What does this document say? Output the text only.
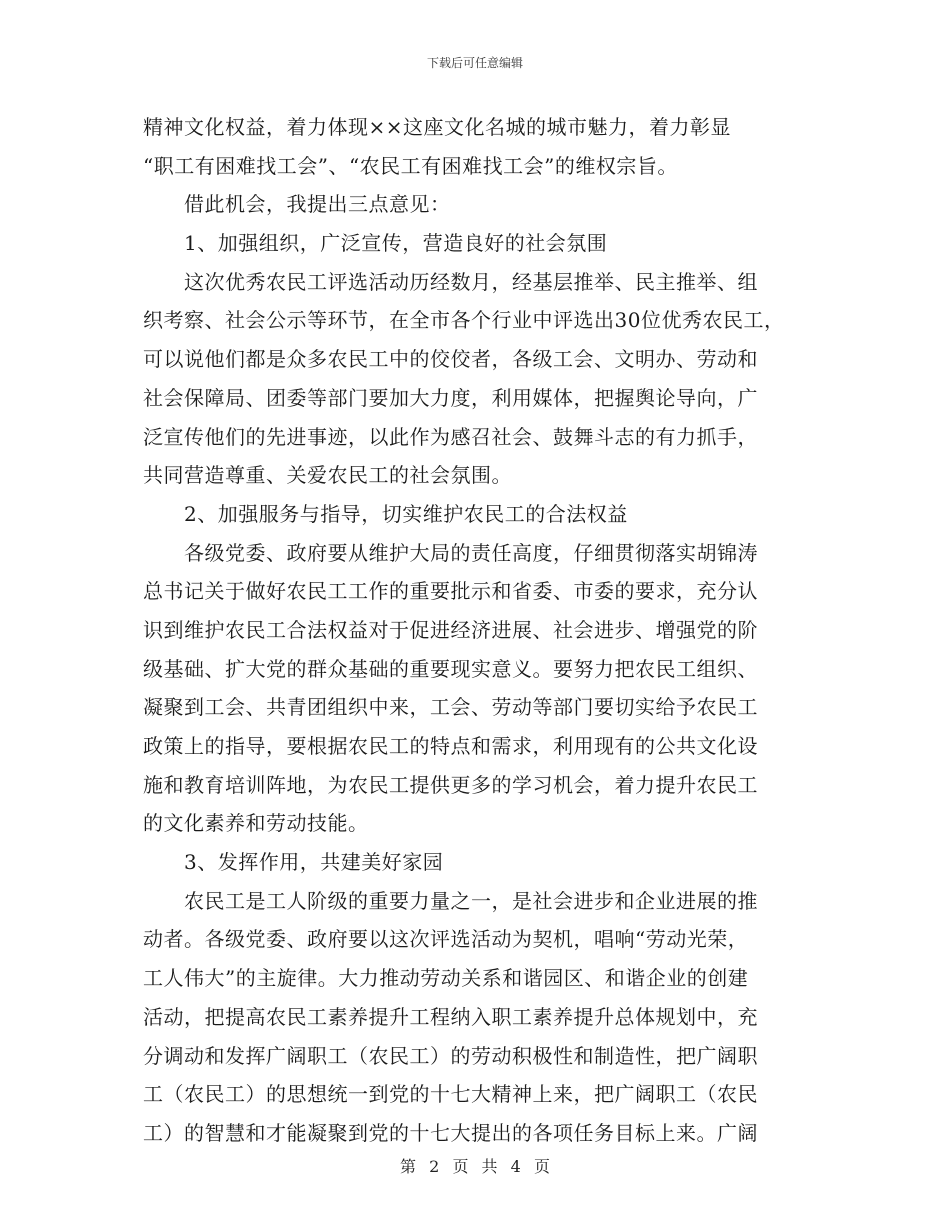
下载后可任意编辑
精神文化权益，着力体现××这座文化名城的城市魅力，着力彰显
“职工有困难找工会”、“农民工有困难找工会”的维权宗旨。
　　借此机会，我提出三点意见：
　　1、加强组织，广泛宣传，营造良好的社会氛围
　　这次优秀农民工评选活动历经数月，经基层推举、民主推举、组
织考察、社会公示等环节，在全市各个行业中评选出30位优秀农民工，
可以说他们都是众多农民工中的佼佼者，各级工会、文明办、劳动和
社会保障局、团委等部门要加大力度，利用媒体，把握舆论导向，广
泛宣传他们的先进事迹，以此作为感召社会、鼓舞斗志的有力抓手，
共同营造尊重、关爱农民工的社会氛围。
　　2、加强服务与指导，切实维护农民工的合法权益
　　各级党委、政府要从维护大局的责任高度，仔细贯彻落实胡锦涛
总书记关于做好农民工工作的重要批示和省委、市委的要求，充分认
识到维护农民工合法权益对于促进经济进展、社会进步、增强党的阶
级基础、扩大党的群众基础的重要现实意义。要努力把农民工组织、
凝聚到工会、共青团组织中来，工会、劳动等部门要切实给予农民工
政策上的指导，要根据农民工的特点和需求，利用现有的公共文化设
施和教育培训阵地，为农民工提供更多的学习机会，着力提升农民工
的文化素养和劳动技能。
　　3、发挥作用，共建美好家园
　　农民工是工人阶级的重要力量之一，是社会进步和企业进展的推
动者。各级党委、政府要以这次评选活动为契机，唱响“劳动光荣，
工人伟大”的主旋律。大力推动劳动关系和谐园区、和谐企业的创建
活动，把提高农民工素养提升工程纳入职工素养提升总体规划中，充
分调动和发挥广阔职工（农民工）的劳动积极性和制造性，把广阔职
工（农民工）的思想统一到党的十七大精神上来，把广阔职工（农民
工）的智慧和才能凝聚到党的十七大提出的各项任务目标上来。广阔
第 2 页 共 4 页
